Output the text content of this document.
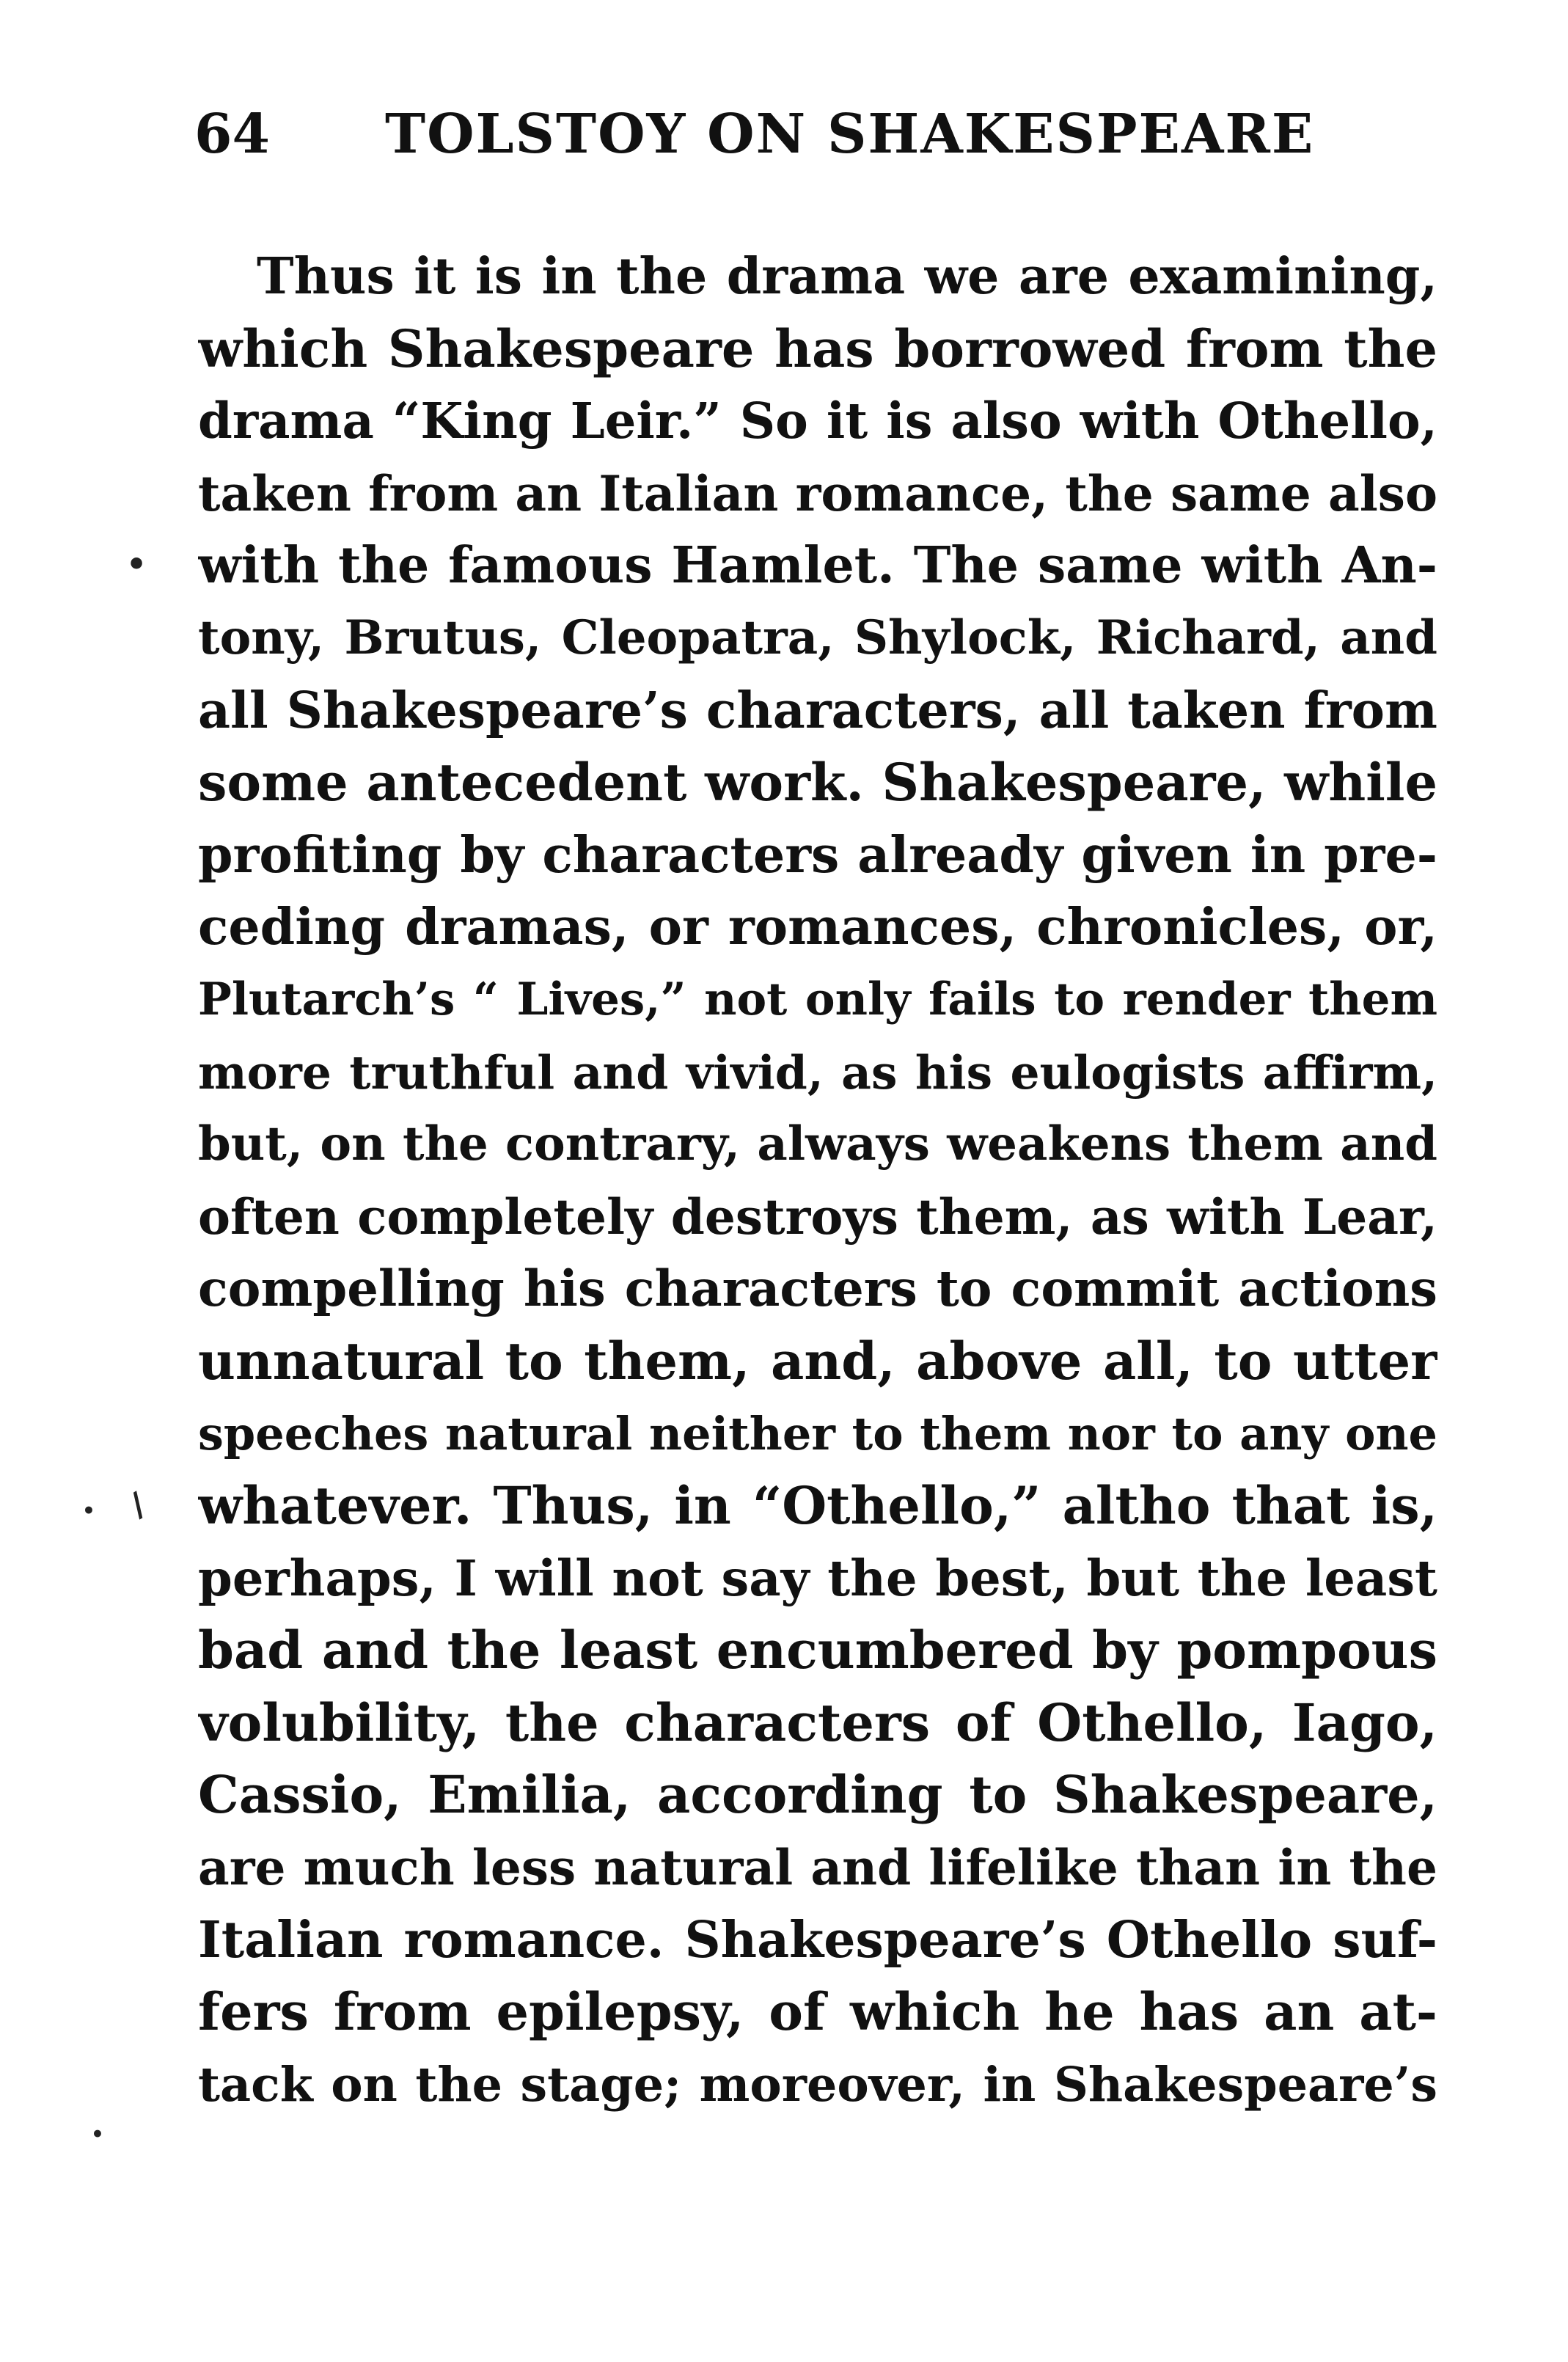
64 TOLSTOY ON SHAKESPEARE
Thus it is in the drama we are examining,
which Shakespeare has borrowed from the
drama “King Leir.” So it is also with Othello,
taken from an Italian romance, the same also
with the famous Hamlet. The same with An-
tony, Brutus, Cleopatra, Shylock, Richard, and
all Shakespeare’s characters, all taken from
some antecedent work. Shakespeare, while
profiting by characters already given in pre-
ceding dramas, or romances, chronicles, or,
Plutarch’s “ Lives,” not only fails to render them
more truthful and vivid, as his eulogists affirm,
but, on the contrary, always weakens them and
often completely destroys them, as with Lear,
compelling his characters to commit actions
unnatural to them, and, above all, to utter
speeches natural neither to them nor to any one
whatever. Thus, in “Othello,” altho that is,
perhaps, I will not say the best, but the least
bad and the least encumbered by pompous
volubility, the characters of Othello, Iago,
Cassio, Emilia, according to Shakespeare,
are much less natural and lifelike than in the
Italian romance. Shakespeare’s Othello suf-
fers from epilepsy, of which he has an at-
tack on the stage; moreover, in Shakespeare’s
•
• /
•
